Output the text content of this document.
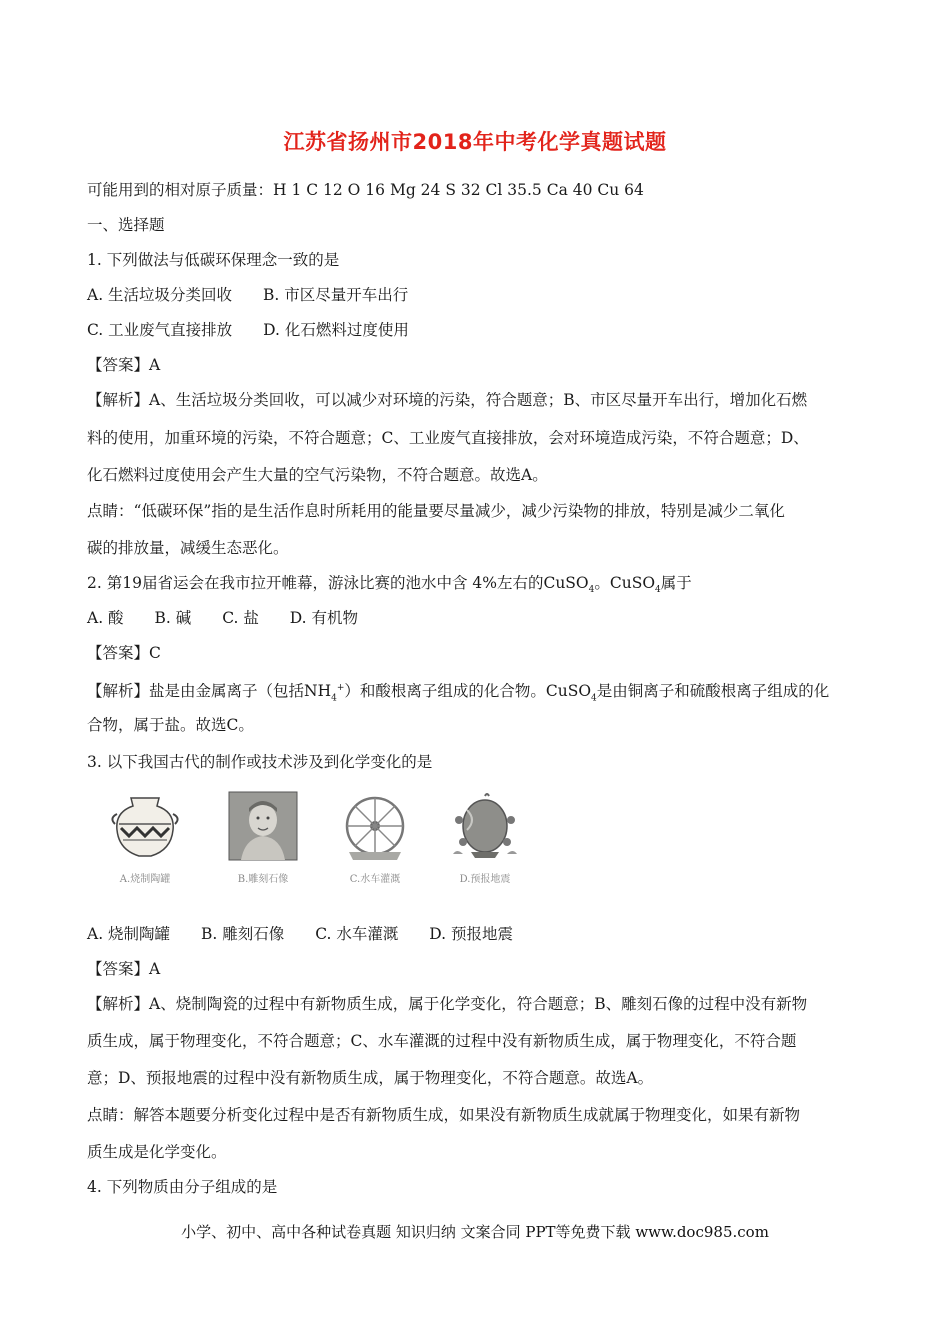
江苏省扬州市2018年中考化学真题试题
可能用到的相对原子质量：H 1 C 12 O 16 Mg 24 S 32 Cl 35.5 Ca 40 Cu 64
一、选择题
1. 下列做法与低碳环保理念一致的是
A. 生活垃圾分类回收 B. 市区尽量开车出行
C. 工业废气直接排放 D. 化石燃料过度使用
【答案】A
【解析】A、生活垃圾分类回收，可以减少对环境的污染，符合题意；B、市区尽量开车出行，增加化石燃
料的使用，加重环境的污染，不符合题意；C、工业废气直接排放，会对环境造成污染，不符合题意；D、
化石燃料过度使用会产生大量的空气污染物，不符合题意。故选A。
点睛：“低碳环保”指的是生活作息时所耗用的能量要尽量减少，减少污染物的排放，特别是减少二氧化
碳的排放量，减缓生态恶化。
2. 第19届省运会在我市拉开帷幕，游泳比赛的池水中含 4%左右的CuSO$_4$。CuSO$_4$属于
A. 酸 B. 碱 C. 盐 D. 有机物
【答案】C
【解析】盐是由金属离子（包括$NH_4^+$）和酸根离子组成的化合物。CuSO$_4$是由铜离子和硫酸根离子组成的化
合物，属于盐。故选C。
3. 以下我国古代的制作或技术涉及到化学变化的是
A.烧制陶罐	B.雕刻石像	C.水车灌溉	D.预报地震
A. 烧制陶罐 B. 雕刻石像 C. 水车灌溉 D. 预报地震
【答案】A
【解析】A、烧制陶瓷的过程中有新物质生成，属于化学变化，符合题意；B、雕刻石像的过程中没有新物
质生成，属于物理变化，不符合题意；C、水车灌溉的过程中没有新物质生成，属于物理变化，不符合题
意；D、预报地震的过程中没有新物质生成，属于物理变化，不符合题意。故选A。
点睛：解答本题要分析变化过程中是否有新物质生成，如果没有新物质生成就属于物理变化，如果有新物
质生成是化学变化。
4. 下列物质由分子组成的是
小学、初中、高中各种试卷真题 知识归纳 文案合同 PPT等免费下载 www.doc985.com
